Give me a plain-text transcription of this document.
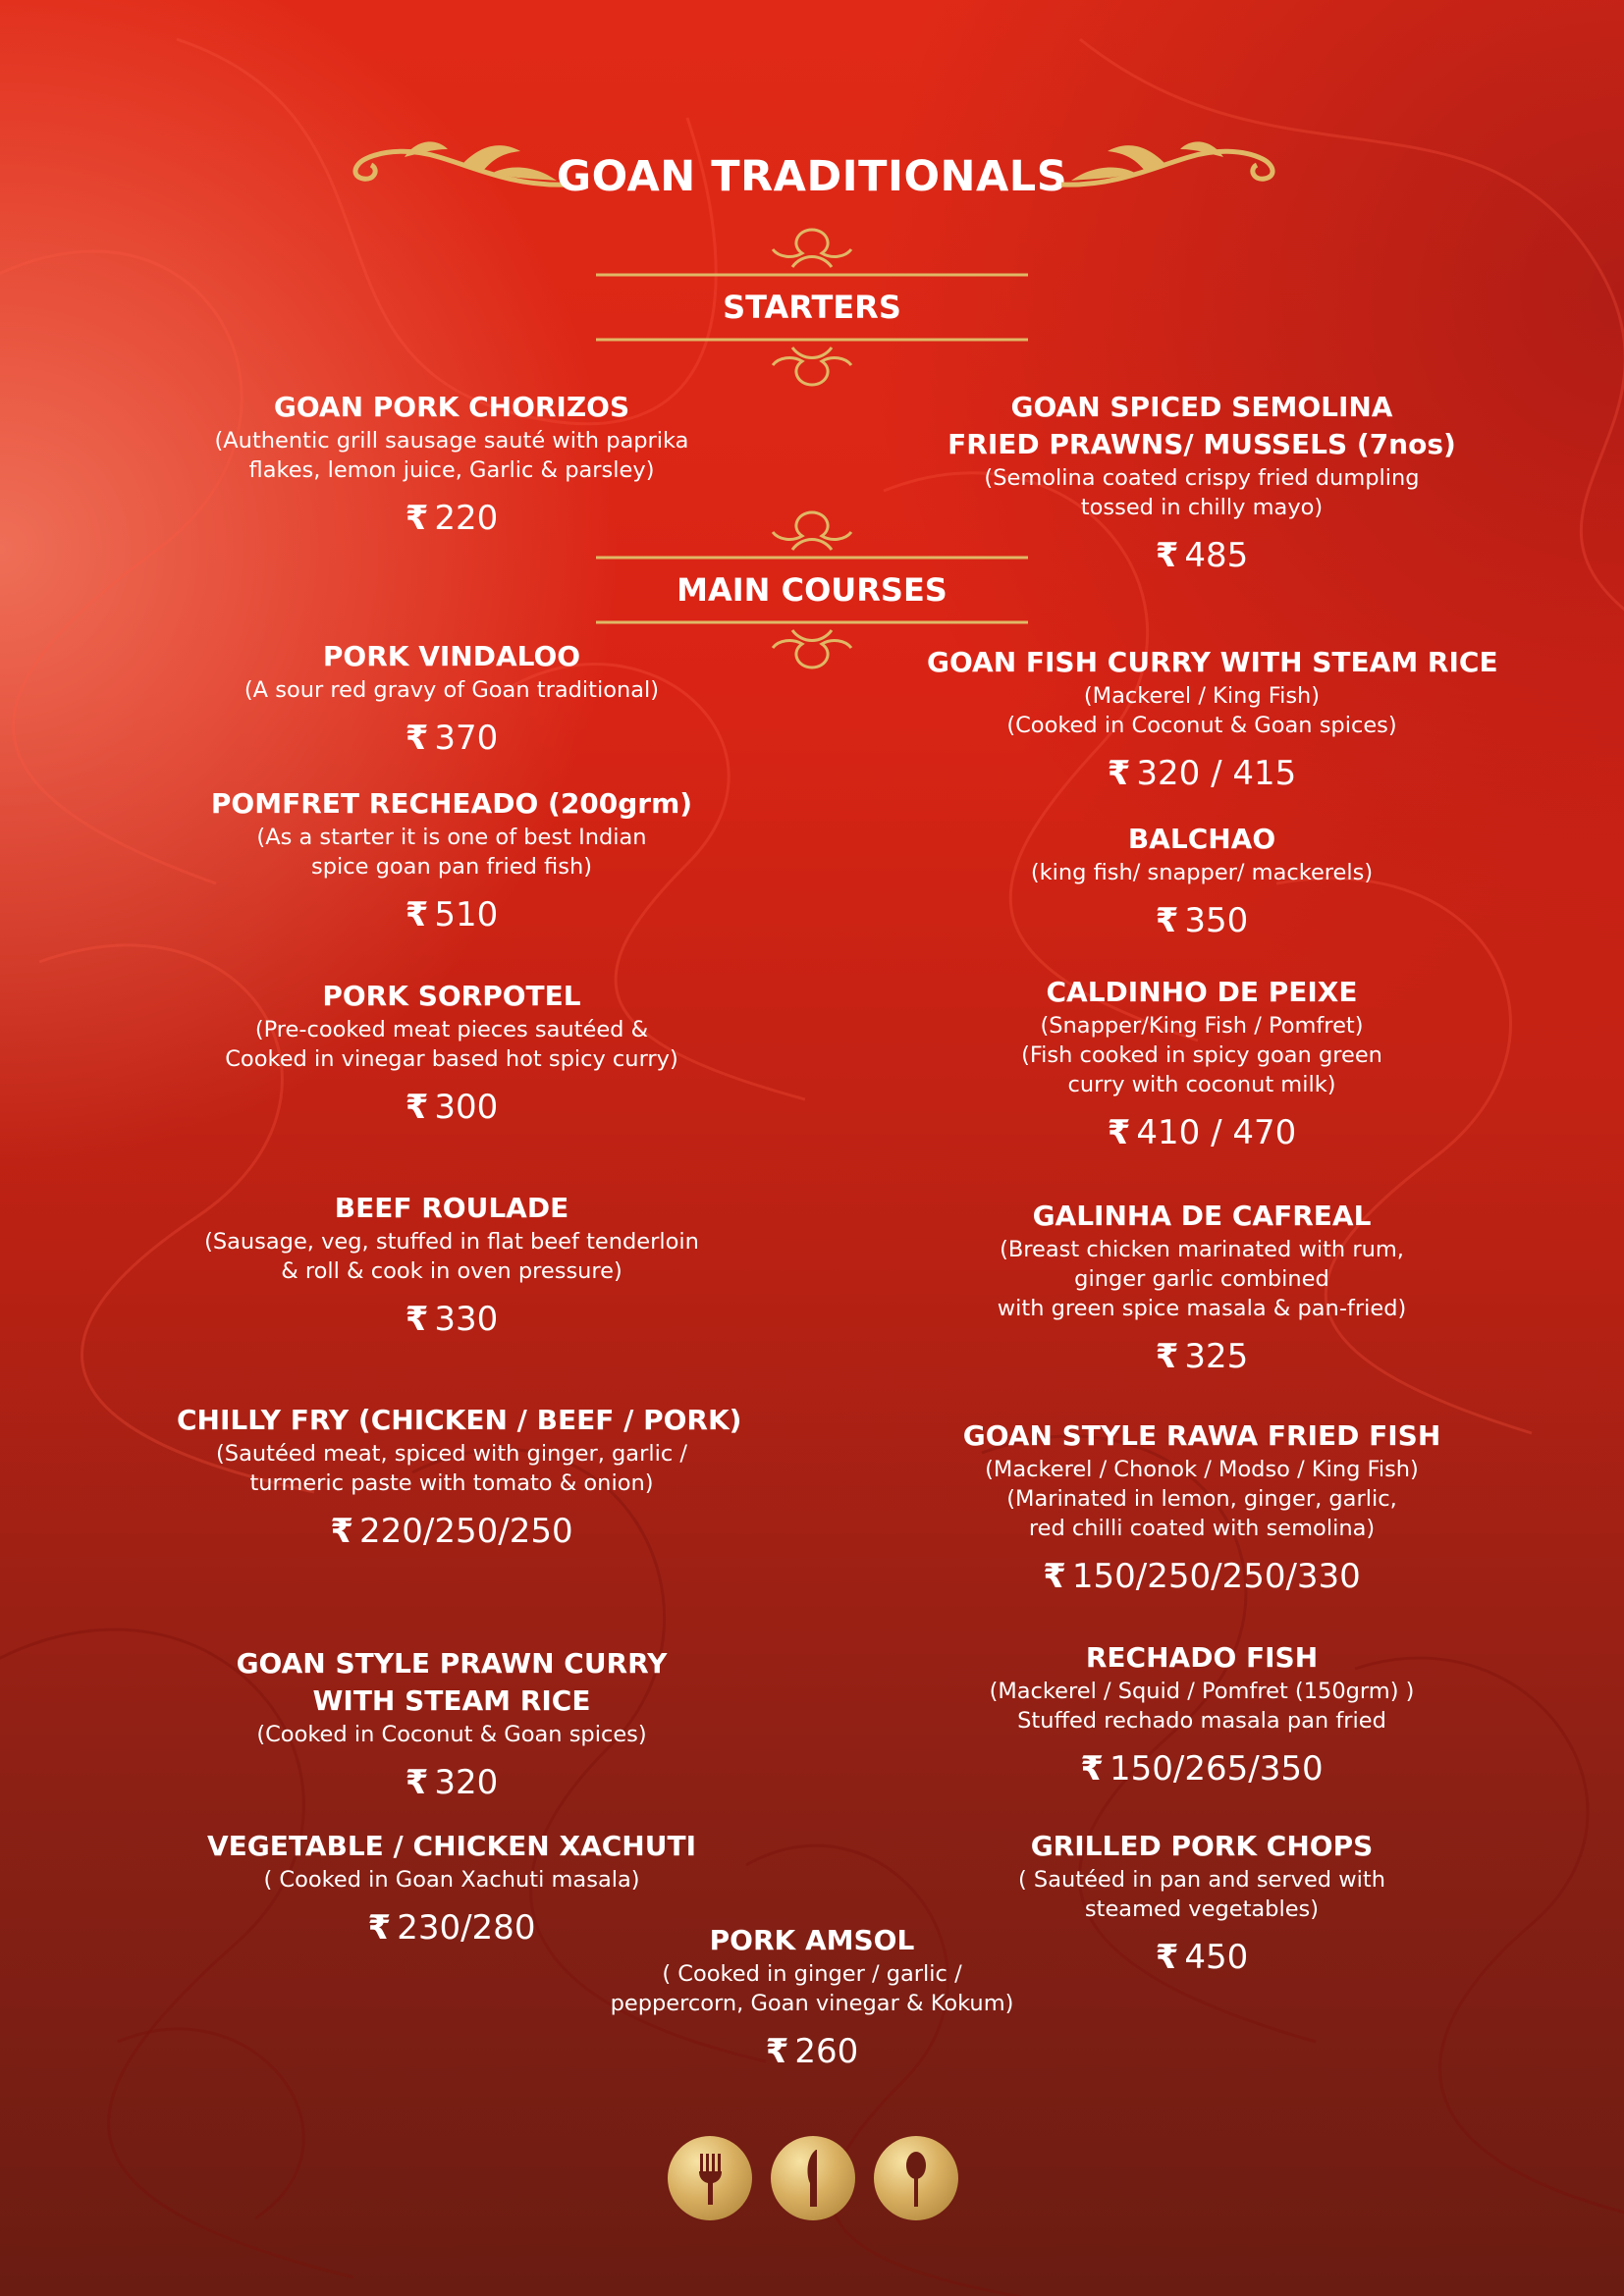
GOAN TRADITIONALS
STARTERS
MAIN COURSES
GOAN PORK CHORIZOS
(Authentic grill sausage sauté with paprika
flakes, lemon juice, Garlic & parsley)
₹ 220
PORK VINDALOO
(A sour red gravy of Goan traditional)
₹ 370
POMFRET RECHEADO (200grm)
(As a starter it is one of best Indian
spice goan pan fried fish)
₹ 510
PORK SORPOTEL
(Pre-cooked meat pieces sautéed &
Cooked in vinegar based hot spicy curry)
₹ 300
BEEF ROULADE
(Sausage, veg, stuffed in flat beef tenderloin
& roll & cook in oven pressure)
₹ 330
CHILLY FRY (CHICKEN / BEEF / PORK)
(Sautéed meat, spiced with ginger, garlic /
turmeric paste with tomato & onion)
₹ 220/250/250
GOAN STYLE PRAWN CURRY
WITH STEAM RICE
(Cooked in Coconut & Goan spices)
₹ 320
VEGETABLE / CHICKEN XACHUTI
( Cooked in Goan Xachuti masala)
₹ 230/280
GOAN SPICED SEMOLINA
FRIED PRAWNS/ MUSSELS (7nos)
(Semolina coated crispy fried dumpling
tossed in chilly mayo)
₹ 485
GOAN FISH CURRY WITH STEAM RICE
(Mackerel / King Fish)
(Cooked in Coconut & Goan spices)
₹ 320 / 415
BALCHAO
(king fish/ snapper/ mackerels)
₹ 350
CALDINHO DE PEIXE
(Snapper/King Fish / Pomfret)
(Fish cooked in spicy goan green
curry with coconut milk)
₹ 410 / 470
GALINHA DE CAFREAL
(Breast chicken marinated with rum,
ginger garlic combined
with green spice masala & pan-fried)
₹ 325
GOAN STYLE RAWA FRIED FISH
(Mackerel / Chonok / Modso / King Fish)
(Marinated in lemon, ginger, garlic,
red chilli coated with semolina)
₹ 150/250/250/330
RECHADO FISH
(Mackerel / Squid / Pomfret (150grm) )
Stuffed rechado masala pan fried
₹ 150/265/350
GRILLED PORK CHOPS
( Sautéed in pan and served with
steamed vegetables)
₹ 450
PORK AMSOL
( Cooked in ginger / garlic /
peppercorn, Goan vinegar & Kokum)
₹ 260
